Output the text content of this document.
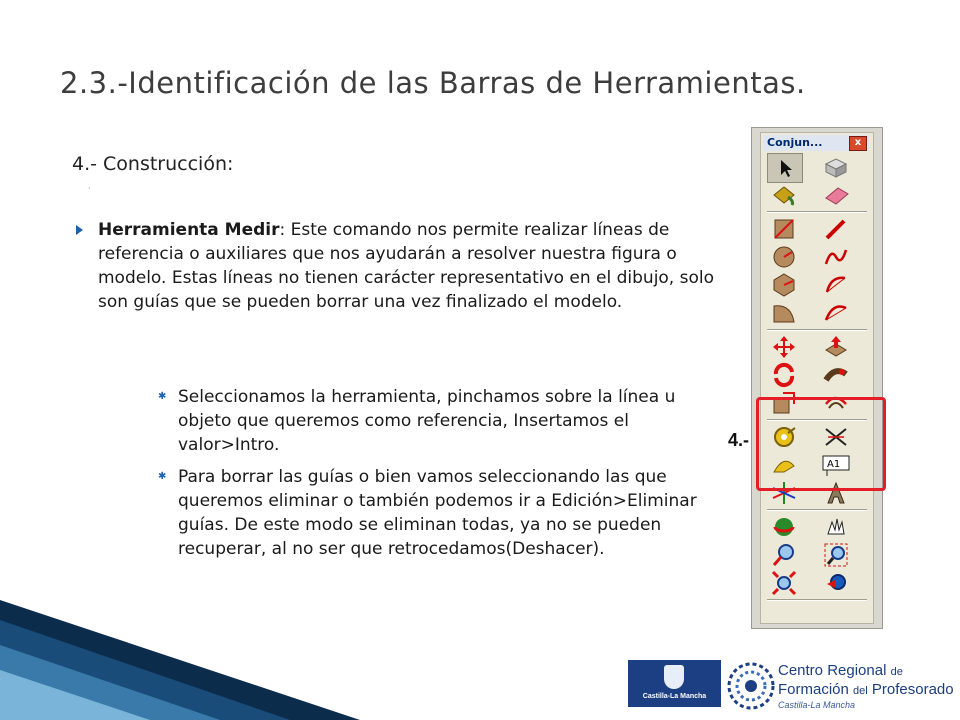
2.3.-Identificación de las Barras de Herramientas.
4.- Construcción:
·
Herramienta Medir: Este comando nos permite realizar líneas de referencia o auxiliares que nos ayudarán a resolver nuestra figura o modelo. Estas líneas no tienen carácter representativo en el dibujo, solo son guías que se pueden borrar una vez finalizado el modelo.
✱ Seleccionamos la herramienta, pinchamos sobre la línea u objeto que queremos como referencia, Insertamos el valor>Intro.
✱ Para borrar las guías o bien vamos seleccionando las que queremos eliminar o también podemos ir a Edición>Eliminar guías. De este modo se eliminan todas, ya no se pueden recuperar, al no ser que retrocedamos(Deshacer).
Conjun...	x
A1
4.-
Castilla-La Mancha
Centro Regional de
Formación del Profesorado
Castilla-La Mancha
